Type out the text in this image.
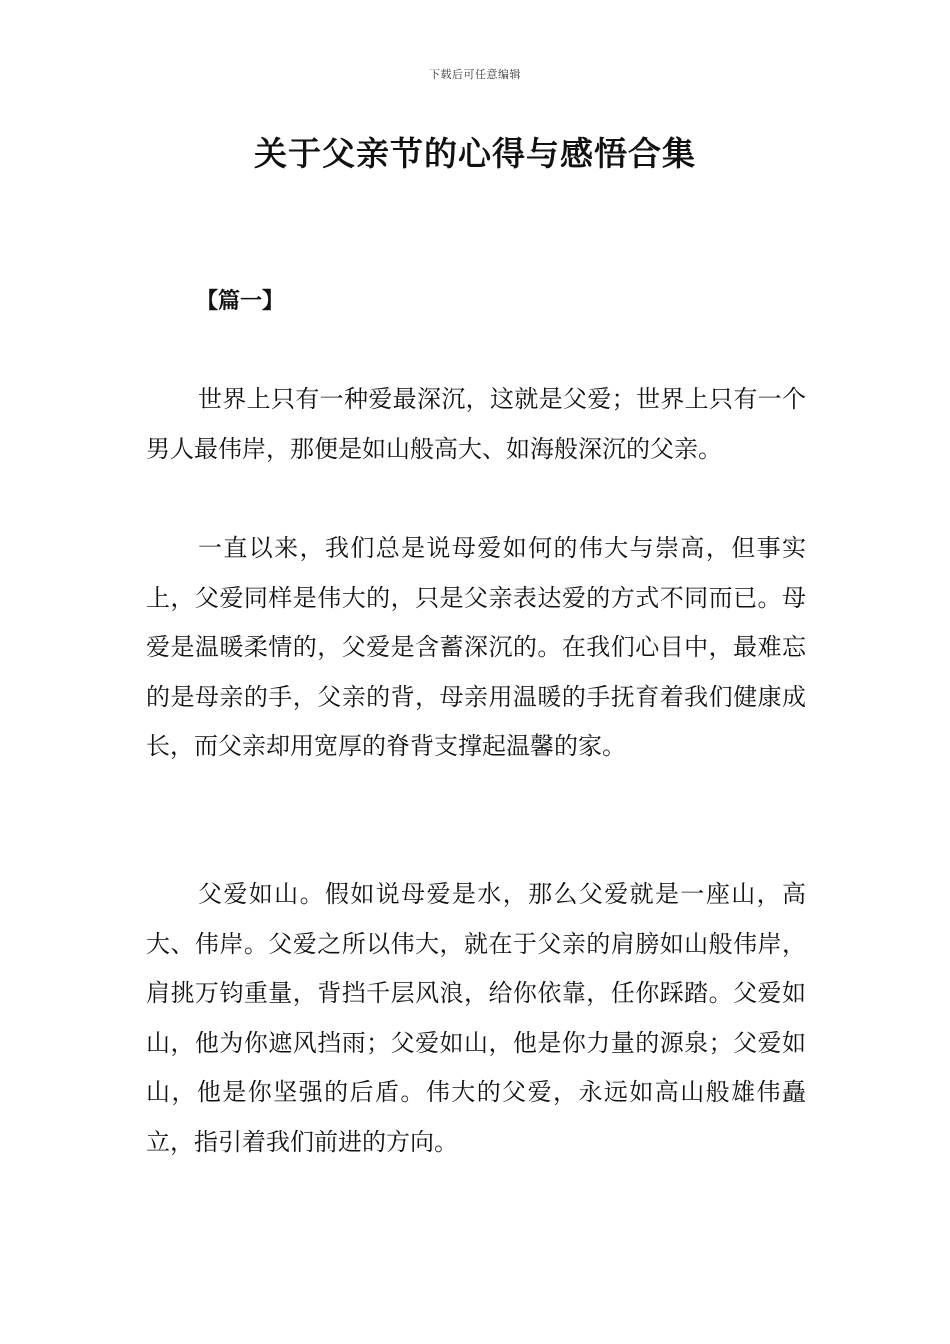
下载后可任意编辑
关于父亲节的心得与感悟合集
【篇一】

世界上只有一种爱最深沉，这就是父爱；世界上只有一个男人最伟岸，那便是如山般高大、如海般深沉的父亲。

一直以来，我们总是说母爱如何的伟大与崇高，但事实上，父爱同样是伟大的，只是父亲表达爱的方式不同而已。母爱是温暖柔情的，父爱是含蓄深沉的。在我们心目中，最难忘的是母亲的手，父亲的背，母亲用温暖的手抚育着我们健康成长，而父亲却用宽厚的脊背支撑起温馨的家。

父爱如山。假如说母爱是水，那么父爱就是一座山，高大、伟岸。父爱之所以伟大，就在于父亲的肩膀如山般伟岸，肩挑万钧重量，背挡千层风浪，给你依靠，任你踩踏。父爱如山，他为你遮风挡雨；父爱如山，他是你力量的源泉；父爱如山，他是你坚强的后盾。伟大的父爱，永远如高山般雄伟矗立，指引着我们前进的方向。
